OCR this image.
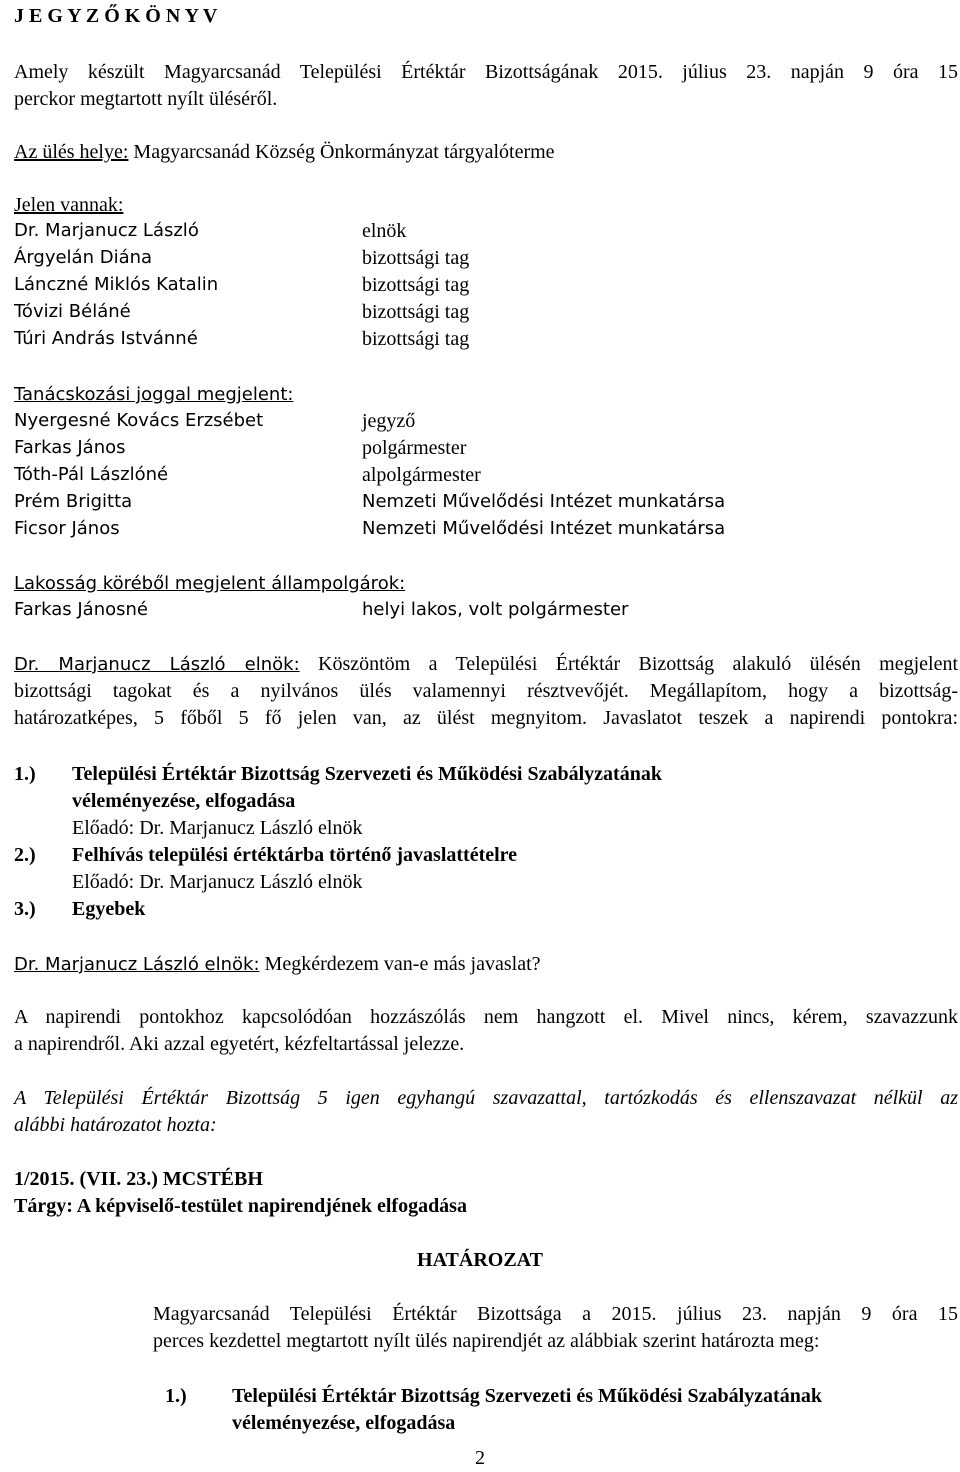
J E G Y Z Ő K Ö N Y V
Amely készült Magyarcsanád Települési Értéktár Bizottságának 2015. július 23. napján 9 óra 15
perckor megtartott nyílt üléséről.
Az ülés helye: Magyarcsanád Község Önkormányzat tárgyalóterme
Jelen vannak:
Dr. Marjanucz László	elnök
Árgyelán Diána	bizottsági tag
Lánczné Miklós Katalin	bizottsági tag
Tóvizi Béláné	bizottsági tag
Túri András Istvánné	bizottsági tag
Tanácskozási joggal megjelent:
Nyergesné Kovács Erzsébet	jegyző
Farkas János	polgármester
Tóth-Pál Lászlóné	alpolgármester
Prém Brigitta	Nemzeti Művelődési Intézet munkatársa
Ficsor János	Nemzeti Művelődési Intézet munkatársa
Lakosság köréből megjelent állampolgárok:
Farkas Jánosné	helyi lakos, volt polgármester
Dr. Marjanucz László elnök: Köszöntöm a Települési Értéktár Bizottság alakuló ülésén megjelent
bizottsági tagokat és a nyilvános ülés valamennyi résztvevőjét. Megállapítom, hogy a bizottság-
határozatképes, 5 főből 5 fő jelen van, az ülést megnyitom. Javaslatot teszek a napirendi pontokra:
1.) Települési Értéktár Bizottság Szervezeti és Működési Szabályzatának
véleményezése, elfogadása
Előadó: Dr. Marjanucz László elnök
2.) Felhívás települési értéktárba történő javaslattételre
Előadó: Dr. Marjanucz László elnök
3.) Egyebek
Dr. Marjanucz László elnök: Megkérdezem van-e más javaslat?
A napirendi pontokhoz kapcsolódóan hozzászólás nem hangzott el. Mivel nincs, kérem, szavazzunk
a napirendről. Aki azzal egyetért, kézfeltartással jelezze.
A Települési Értéktár Bizottság 5 igen egyhangú szavazattal, tartózkodás és ellenszavazat nélkül az
alábbi határozatot hozta:
1/2015. (VII. 23.) MCSTÉBH
Tárgy: A képviselő-testület napirendjének elfogadása
HATÁROZAT
Magyarcsanád Települési Értéktár Bizottsága a 2015. július 23. napján 9 óra 15
perces kezdettel megtartott nyílt ülés napirendjét az alábbiak szerint határozta meg:
1.) Települési Értéktár Bizottság Szervezeti és Működési Szabályzatának
véleményezése, elfogadása
2
